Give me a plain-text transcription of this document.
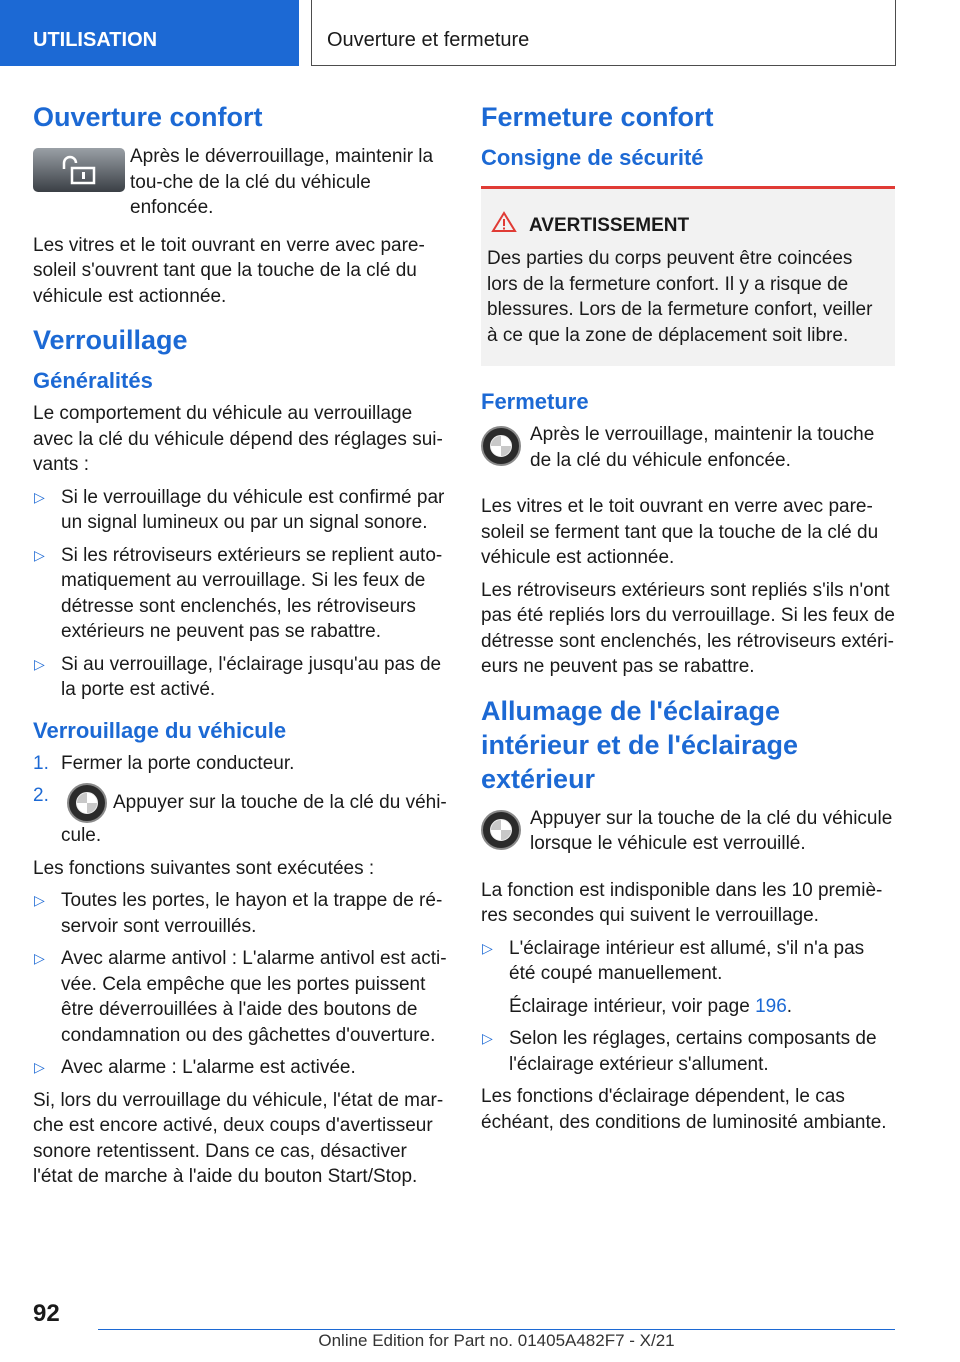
UTILISATION	Ouverture et fermeture
Ouverture confort

Après le déverrouillage, maintenir la tou‐che de la clé du véhicule enfoncée.

Les vitres et le toit ouvrant en verre avec pare-soleil s'ouvrent tant que la touche de la clé du véhicule est actionnée.

Verrouillage
Généralités

Le comportement du véhicule au verrouillage avec la clé du véhicule dépend des réglages sui‐vants :

▷ Si le verrouillage du véhicule est confirmé par un signal lumineux ou par un signal sonore.
▷ Si les rétroviseurs extérieurs se replient auto‐matiquement au verrouillage. Si les feux de détresse sont enclenchés, les rétroviseurs extérieurs ne peuvent pas se rabattre.
▷ Si au verrouillage, l'éclairage jusqu'au pas de la porte est activé.
Verrouillage du véhicule
1. Fermer la porte conducteur.
2.	Appuyer sur la touche de la clé du véhi‐cule.

Les fonctions suivantes sont exécutées :

▷ Toutes les portes, le hayon et la trappe de ré‐servoir sont verrouillés.
▷ Avec alarme antivol : L'alarme antivol est acti‐vée. Cela empêche que les portes puissent être déverrouillées à l'aide des boutons de condamnation ou des gâchettes d'ouverture.
▷ Avec alarme : L'alarme est activée.

Si, lors du verrouillage du véhicule, l'état de mar‐che est encore activé, deux coups d'avertisseur sonore retentissent. Dans ce cas, désactiver l'état de marche à l'aide du bouton Start/Stop.

Fermeture confort
Consigne de sécurité
AVERTISSEMENT

Des parties du corps peuvent être coincées lors de la fermeture confort. Il y a risque de blessures. Lors de la fermeture confort, veiller à ce que la zone de déplacement soit libre.

Fermeture

Après le verrouillage, maintenir la touche de la clé du véhicule enfoncée.

Les vitres et le toit ouvrant en verre avec pare-soleil se ferment tant que la touche de la clé du véhicule est actionnée.

Les rétroviseurs extérieurs sont repliés s'ils n'ont pas été repliés lors du verrouillage. Si les feux de détresse sont enclenchés, les rétroviseurs extéri‐eurs ne peuvent pas se rabattre.

Allumage de l'éclairage intérieur et de l'éclairage extérieur

Appuyer sur la touche de la clé du véhicule lorsque le véhicule est verrouillé.

La fonction est indisponible dans les 10 premiè‐res secondes qui suivent le verrouillage.

▷ L'éclairage intérieur est allumé, s'il n'a pas été coupé manuellement.
Éclairage intérieur, voir page 196.
▷ Selon les réglages, certains composants de l'éclairage extérieur s'allument.

Les fonctions d'éclairage dépendent, le cas échéant, des conditions de luminosité ambiante.

92
Online Edition for Part no. 01405A482F7 - X/21
